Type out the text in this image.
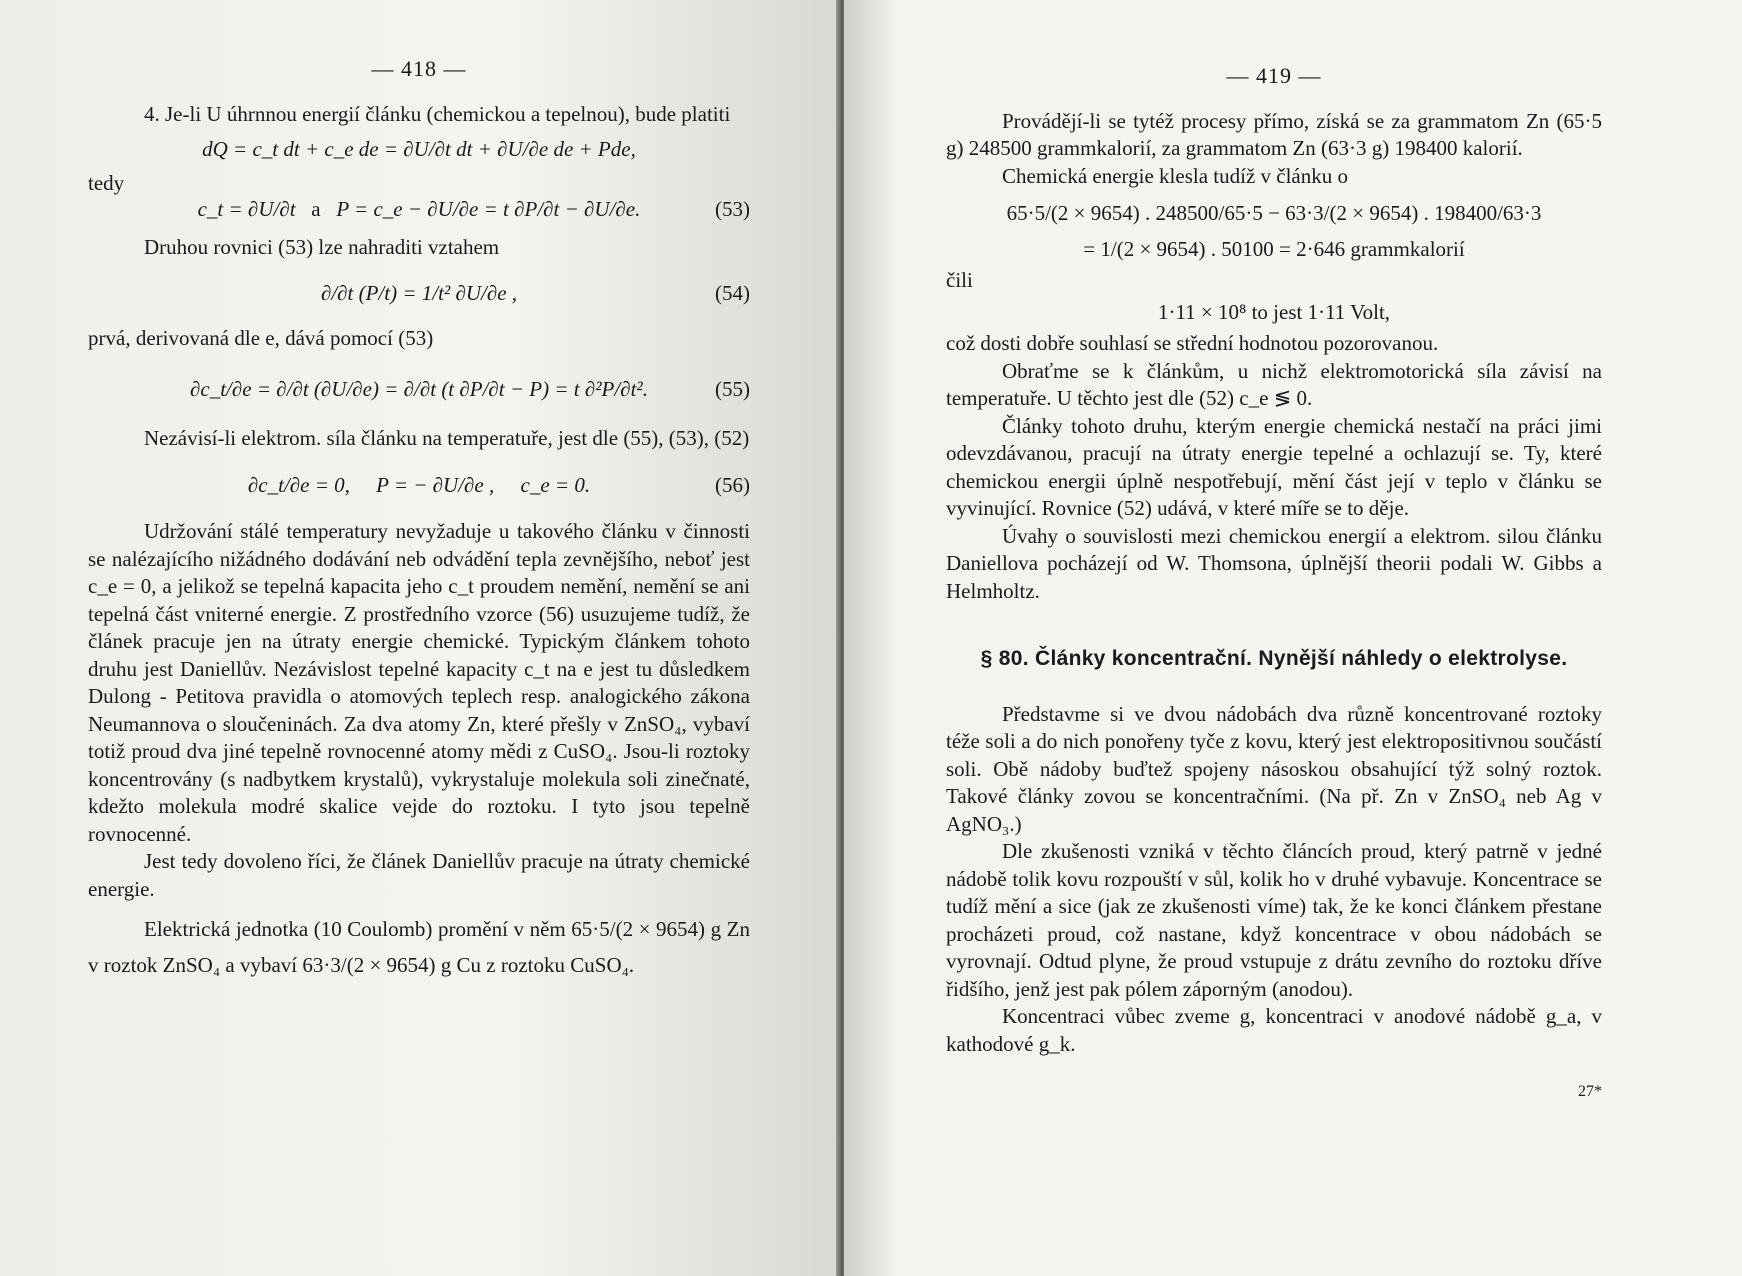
— 418 —

4. Je-li U úhrnnou energií článku (chemickou a tepelnou), bude platiti

dQ = c_t dt + c_e de = ∂U/∂t dt + ∂U/∂e de + Pde,
tedy
c_t = ∂U/∂t a P = c_e − ∂U/∂e = t ∂P/∂t − ∂U/∂e.	(53)

Druhou rovnici (53) lze nahraditi vztahem

∂/∂t (P/t) = 1/t² ∂U/∂e ,	(54)

prvá, derivovaná dle e, dává pomocí (53)

∂c_t/∂e = ∂/∂t (∂U/∂e) = ∂/∂t (t ∂P/∂t − P) = t ∂²P/∂t².	(55)

Nezávisí-li elektrom. síla článku na temperatuře, jest dle (55), (53), (52)

∂c_t/∂e = 0,     P = − ∂U/∂e ,     c_e = 0.	(56)

Udržování stálé temperatury nevyžaduje u takového článku v činnosti se nalézajícího nižádného dodávání neb odvádění tepla zevnějšího, neboť jest c_e = 0, a jelikož se tepelná kapacita jeho c_t proudem nemění, nemění se ani tepelná část vniterné energie. Z prostředního vzorce (56) usuzujeme tudíž, že článek pracuje jen na útraty energie chemické. Typickým článkem tohoto druhu jest Daniellův. Nezávislost tepelné kapacity c_t na e jest tu důsledkem Dulong - Petitova pravidla o atomových teplech resp. analogického zákona Neumannova o sloučeninách. Za dva atomy Zn, které přešly v ZnSO₄, vybaví totiž proud dva jiné tepelně rovnocenné atomy mědi z CuSO₄. Jsou-li roztoky koncentrovány (s nadbytkem krystalů), vykrystaluje molekula soli zinečnaté, kdežto molekula modré skalice vejde do roztoku. I tyto jsou tepelně rovnocenné.

Jest tedy dovoleno říci, že článek Daniellův pracuje na útraty chemické energie.

Elektrická jednotka (10 Coulomb) promění v něm 65·5/(2 × 9654) g Zn v roztok ZnSO₄ a vybaví 63·3/(2 × 9654) g Cu z roztoku CuSO₄.

— 419 —

Provádějí-li se tytéž procesy přímo, získá se za grammatom Zn (65·5 g) 248500 grammkalorií, za grammatom Zn (63·3 g) 198400 kalorií.

Chemická energie klesla tudíž v článku o

65·5/(2 × 9654) . 248500/65·5 − 63·3/(2 × 9654) . 198400/63·3
= 1/(2 × 9654) . 50100 = 2·646 grammkalorií

čili

1·11 × 10⁸ to jest 1·11 Volt,

což dosti dobře souhlasí se střední hodnotou pozorovanou.

Obraťme se k článkům, u nichž elektromotorická síla závisí na temperatuře. U těchto jest dle (52) c_e ≶ 0.

Články tohoto druhu, kterým energie chemická nestačí na práci jimi odevzdávanou, pracují na útraty energie tepelné a ochlazují se. Ty, které chemickou energii úplně nespotřebují, mění část její v teplo v článku se vyvinující. Rovnice (52) udává, v které míře se to děje.

Úvahy o souvislosti mezi chemickou energií a elektrom. silou článku Daniellova pocházejí od W. Thomsona, úplnější theorii podali W. Gibbs a Helmholtz.

§ 80. Články koncentrační. Nynější náhledy o elektrolyse.

Představme si ve dvou nádobách dva různě koncentrované roztoky téže soli a do nich ponořeny tyče z kovu, který jest elektropositivnou součástí soli. Obě nádoby buďtež spojeny násoskou obsahující týž solný roztok. Takové články zovou se koncentračními. (Na př. Zn v ZnSO₄ neb Ag v AgNO₃.)

Dle zkušenosti vzniká v těchto článcích proud, který patrně v jedné nádobě tolik kovu rozpouští v sůl, kolik ho v druhé vybavuje. Koncentrace se tudíž mění a sice (jak ze zkušenosti víme) tak, že ke konci článkem přestane procházeti proud, což nastane, když koncentrace v obou nádobách se vyrovnají. Odtud plyne, že proud vstupuje z drátu zevního do roztoku dříve řidšího, jenž jest pak pólem záporným (anodou).

Koncentraci vůbec zveme g, koncentraci v anodové nádobě g_a, v kathodové g_k.

27*
